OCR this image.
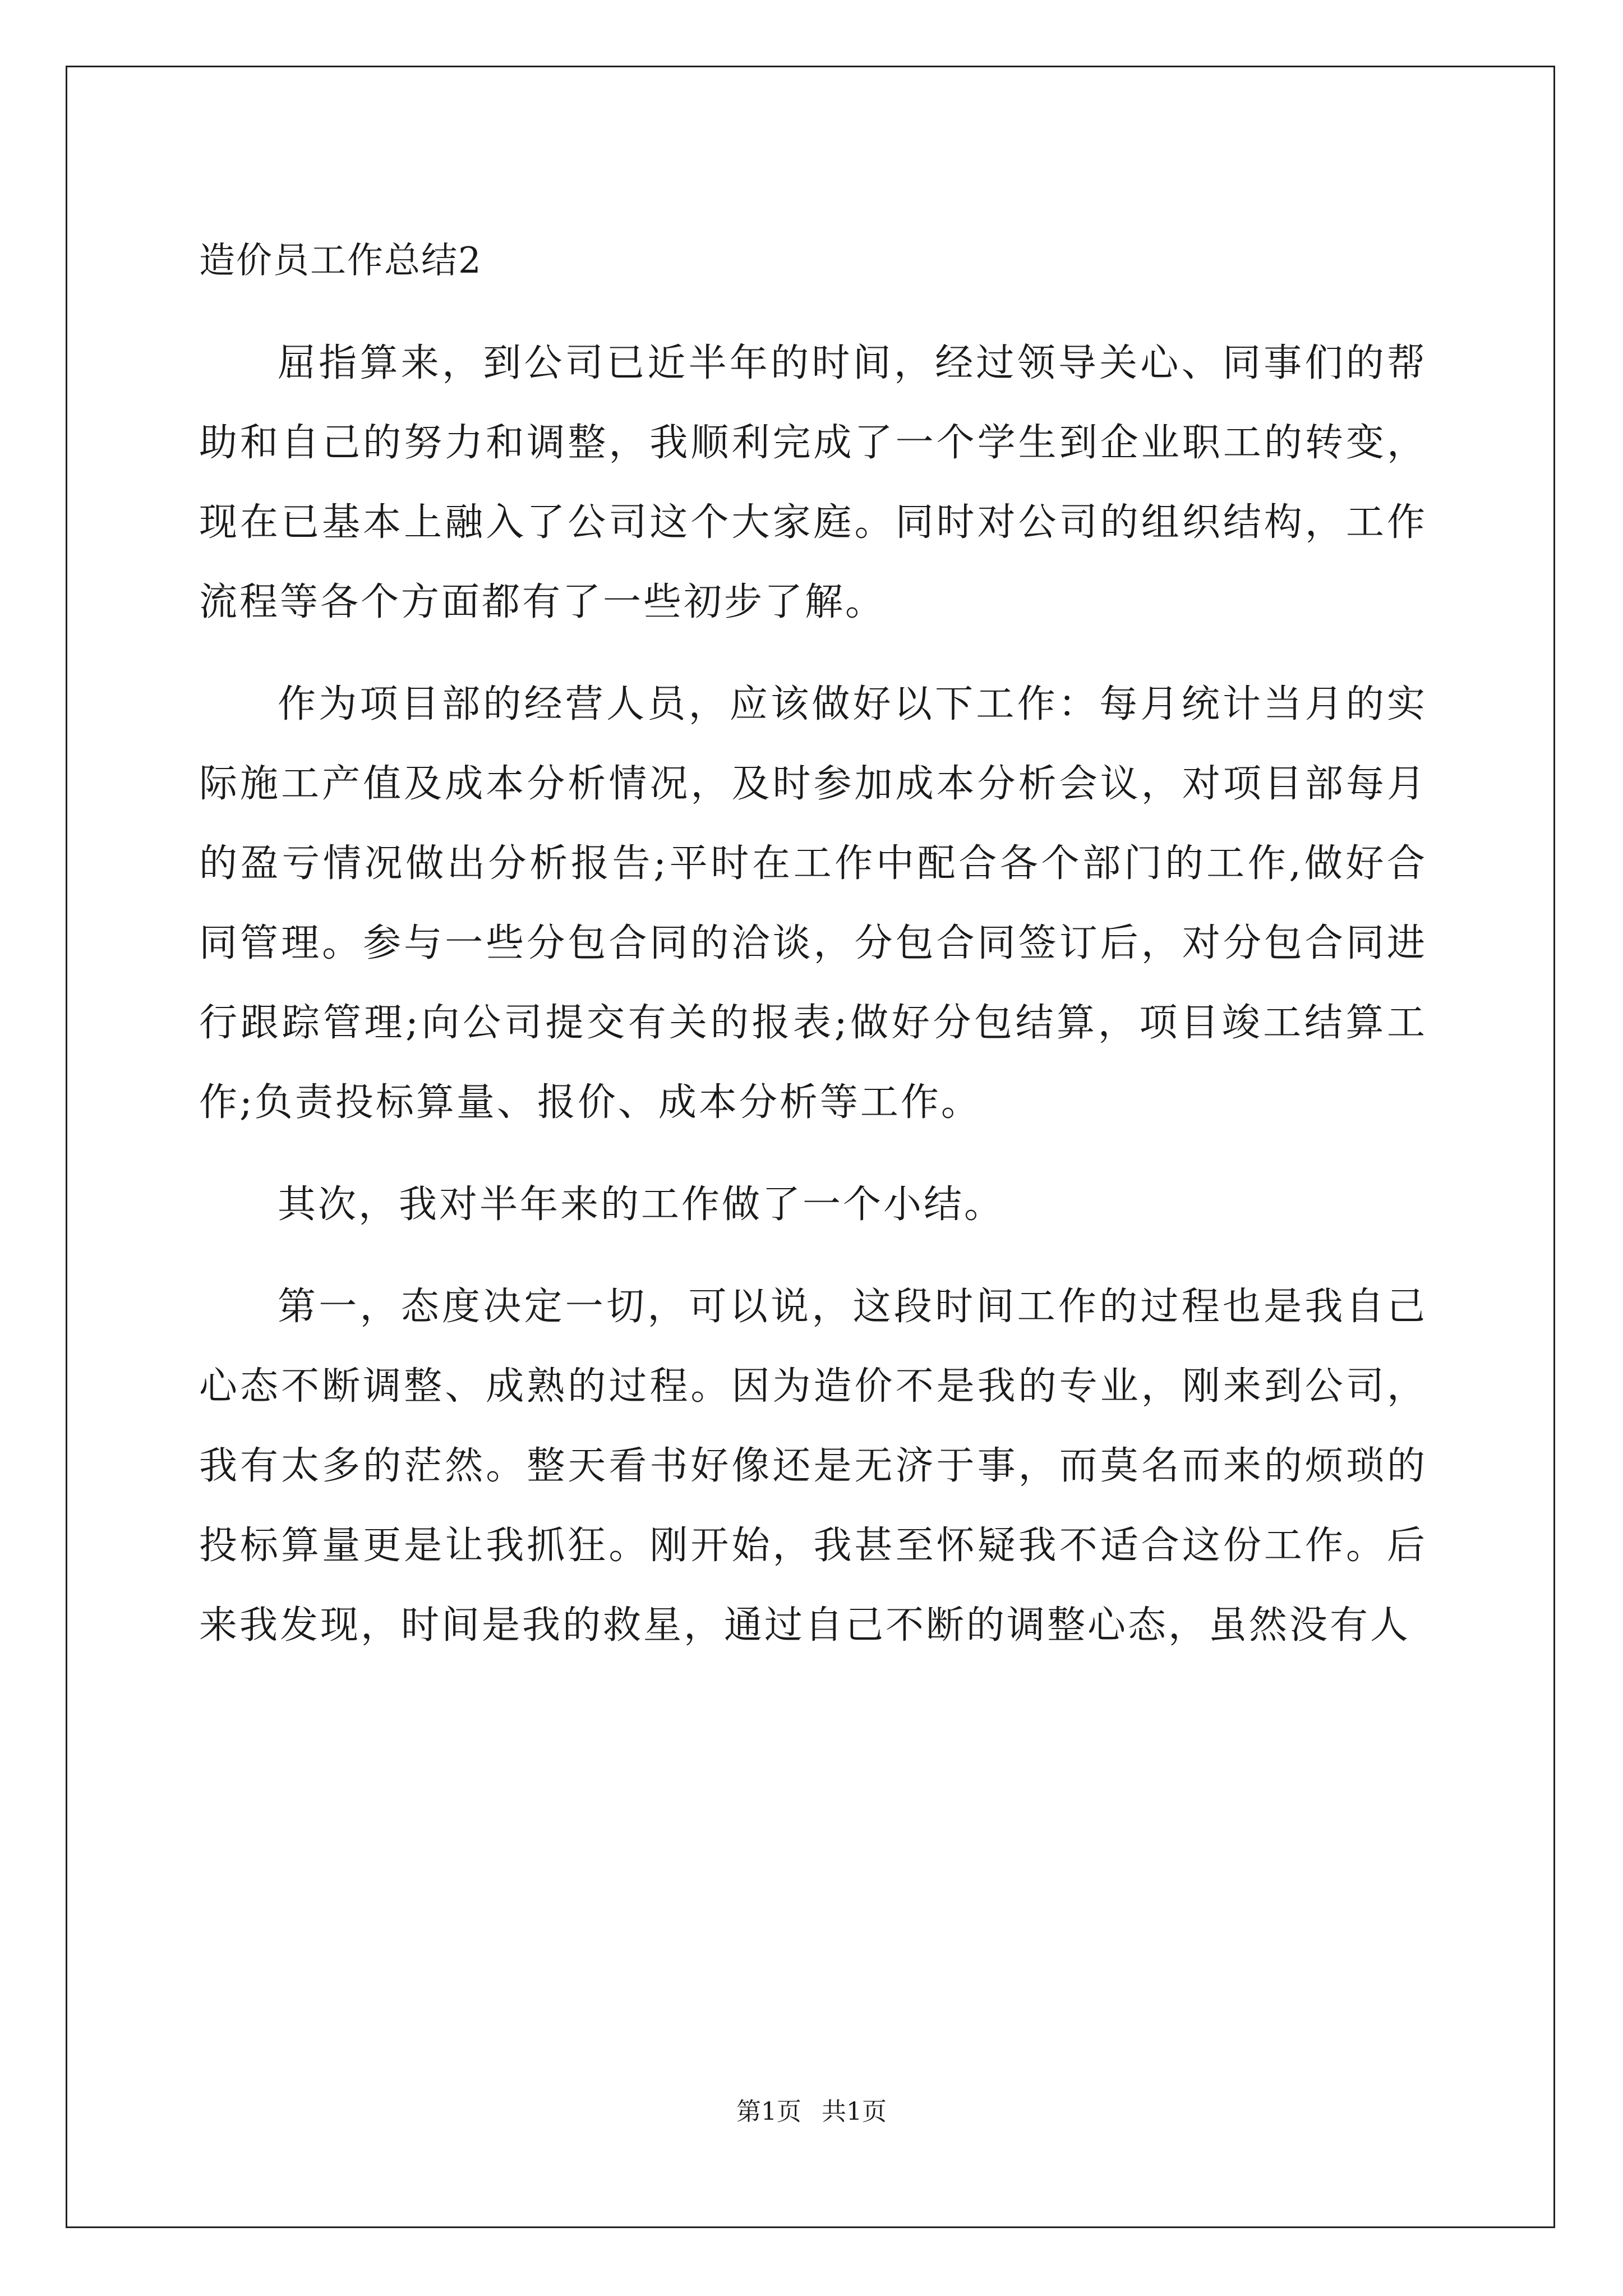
造价员工作总结2

屈指算来，到公司已近半年的时间，经过领导关心、同事们的帮助和自己的努力和调整，我顺利完成了一个学生到企业职工的转变，现在已基本上融入了公司这个大家庭。同时对公司的组织结构，工作流程等各个方面都有了一些初步了解。

作为项目部的经营人员，应该做好以下工作：每月统计当月的实际施工产值及成本分析情况，及时参加成本分析会议，对项目部每月的盈亏情况做出分析报告;平时在工作中配合各个部门的工作,做好合同管理。参与一些分包合同的洽谈，分包合同签订后，对分包合同进行跟踪管理;向公司提交有关的报表;做好分包结算，项目竣工结算工作;负责投标算量、报价、成本分析等工作。

其次，我对半年来的工作做了一个小结。

第一，态度决定一切，可以说，这段时间工作的过程也是我自己心态不断调整、成熟的过程。因为造价不是我的专业，刚来到公司，我有太多的茫然。整天看书好像还是无济于事，而莫名而来的烦琐的投标算量更是让我抓狂。刚开始，我甚至怀疑我不适合这份工作。后来我发现，时间是我的救星，通过自己不断的调整心态，虽然没有人

第1页 共1页
